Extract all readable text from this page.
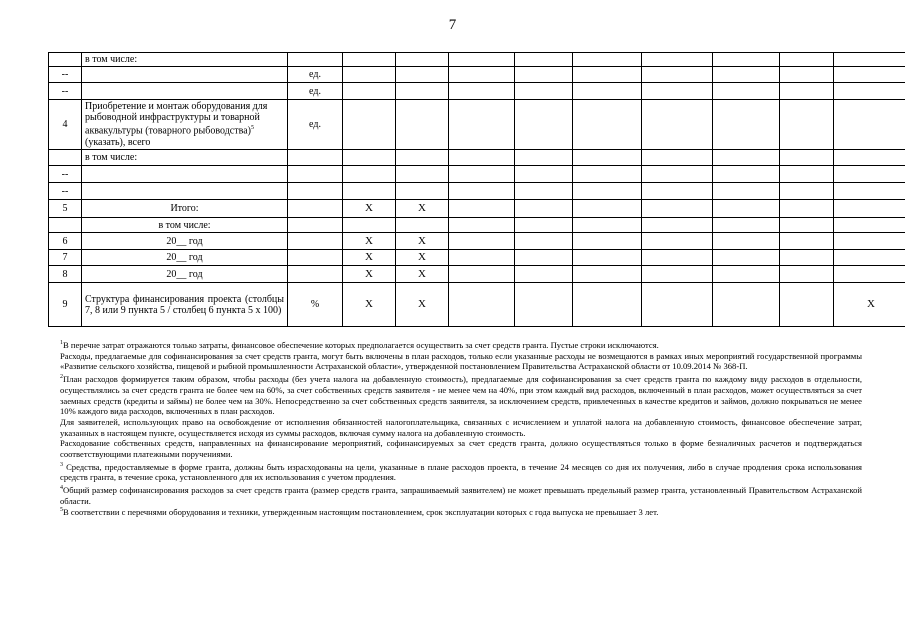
7
	в том числе:											
--		ед.										
--		ед.										
4	Приобретение и монтаж оборудования для рыбоводной инфраструктуры и товарной аквакультуры (товарного рыбоводства)$^5$ (указать), всего	ед.										
	в том числе:											
--												
--												
5	Итого:		X	X								
	в том числе:											
6	20__ год		X	X								
7	20__ год		X	X								
8	20__ год		X	X								
9	Структура финансирования проекта (столбцы 7, 8 или 9 пункта 5 / столбец 6 пункта 5 x 100)	%	X	X							X	

$^1$В перечне затрат отражаются только затраты, финансовое обеспечение которых предполагается осуществить за счет средств гранта. Пустые строки исключаются.

Расходы, предлагаемые для софинансирования за счет средств гранта, могут быть включены в план расходов, только если указанные расходы не возмещаются в рамках иных мероприятий государственной программы «Развитие сельского хозяйства, пищевой и рыбной промышленности Астраханской области», утвержденной постановлением Правительства Астраханской области от 10.09.2014 № 368-П.

$^2$План расходов формируется таким образом, чтобы расходы (без учета налога на добавленную стоимость), предлагаемые для софинансирования за счет средств гранта по каждому виду расходов в отдельности, осуществлялись за счет средств гранта не более чем на 60%, за счет собственных средств заявителя - не менее чем на 40%, при этом каждый вид расходов, включенный в план расходов, может осуществляться за счет заемных средств (кредиты и займы) не более чем на 30%. Непосредственно за счет собственных средств заявителя, за исключением средств, привлеченных в качестве кредитов и займов, должно покрываться не менее 10% каждого вида расходов, включенных в план расходов.

Для заявителей, использующих право на освобождение от исполнения обязанностей налогоплательщика, связанных с исчислением и уплатой налога на добавленную стоимость, финансовое обеспечение затрат, указанных в настоящем пункте, осуществляется исходя из суммы расходов, включая сумму налога на добавленную стоимость.

Расходование собственных средств, направленных на финансирование мероприятий, софинансируемых за счет средств гранта, должно осуществляться только в форме безналичных расчетов и подтверждаться соответствующими платежными поручениями.

$^3$ Средства, предоставляемые в форме гранта, должны быть израсходованы на цели, указанные в плане расходов проекта, в течение 24 месяцев со дня их получения, либо в случае продления срока использования средств гранта, в течение срока, установленного для их использования с учетом продления.

$^4$Общий размер софинансирования расходов за счет средств гранта (размер средств гранта, запрашиваемый заявителем) не может превышать предельный размер гранта, установленный Правительством Астраханской области.

$^5$В соответствии с перечнями оборудования и техники, утвержденным настоящим постановлением, срок эксплуатации которых с года выпуска не превышает 3 лет.
